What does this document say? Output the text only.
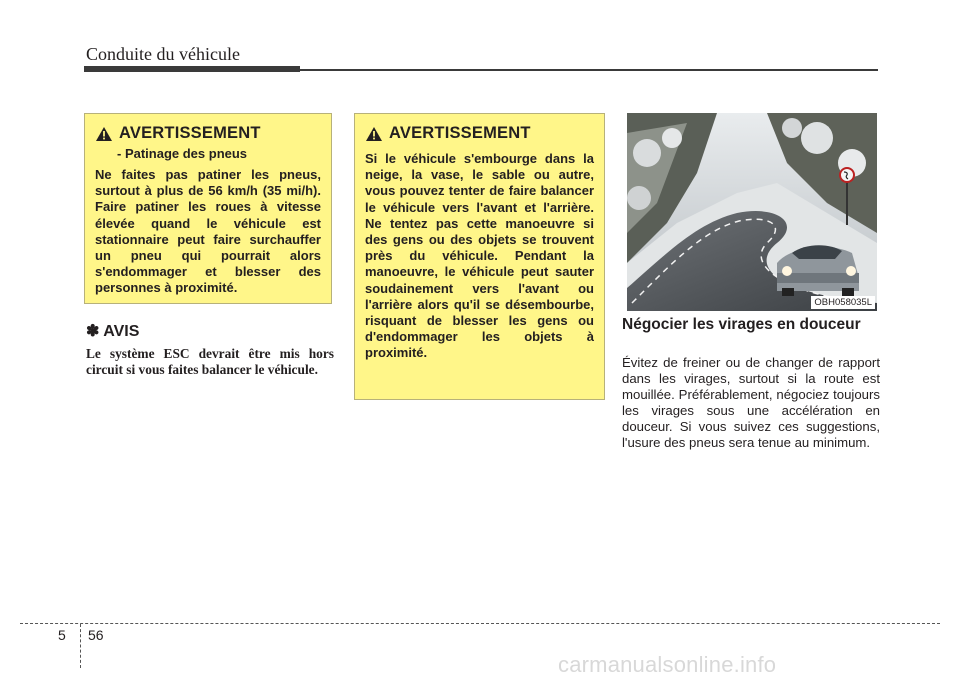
Conduite du véhicule
AVERTISSEMENT
- Patinage des pneus
Ne faites pas patiner les pneus, surtout à plus de 56 km/h (35 mi/h). Faire patiner les roues à vitesse élevée quand le véhicule est stationnaire peut faire surchauffer un pneu qui pourrait alors s'endommager et blesser des personnes à proximité.
AVERTISSEMENT
Si le véhicule s'embourge dans la neige, la vase, le sable ou autre, vous pouvez tenter de faire balancer le véhicule vers l'avant et l'arrière. Ne tentez pas cette manoeuvre si des gens ou des objets se trouvent près du véhicule. Pendant la manoeuvre, le véhicule peut sauter soudainement vers l'avant ou l'arrière alors qu'il se désembourbe, risquant de blesser les gens ou d'endommager les objets à proximité.
✽ AVIS
Le système ESC devrait être mis hors circuit si vous faites balancer le véhicule.
OBH058035L
Négocier les virages en douceur
Évitez de freiner ou de changer de rapport dans les virages, surtout si la route est mouillée. Préférablement, négociez toujours les virages sous une accélération en douceur. Si vous suivez ces suggestions, l'usure des pneus sera tenue au minimum.
5 56
carmanualsonline.info
